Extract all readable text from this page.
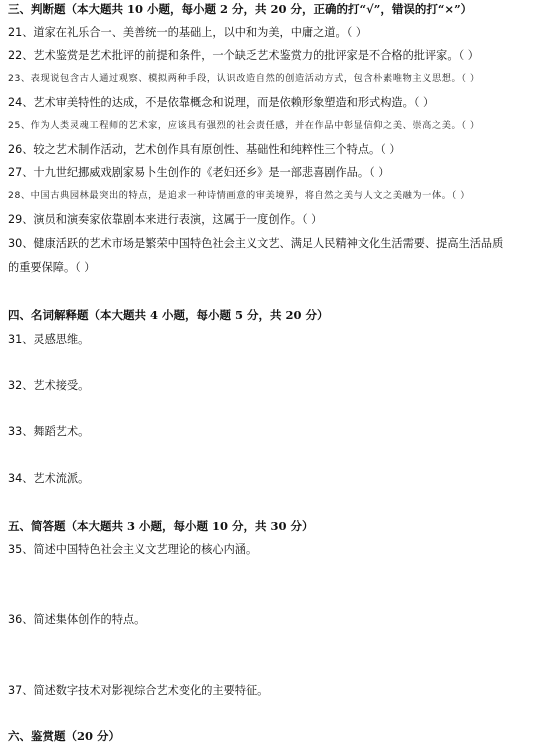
三、判断题（本大题共 10 小题，每小题 2 分，共 20 分，正确的打“√”，错误的打“×”）
21、道家在礼乐合一、美善统一的基础上，以中和为美，中庸之道。（ ）
22、艺术鉴赏是艺术批评的前提和条件，一个缺乏艺术鉴赏力的批评家是不合格的批评家。（ ）
23、表现说包含古人通过观察、模拟两种手段，认识改造自然的创造活动方式，包含朴素唯物主义思想。（ ）
24、艺术审美特性的达成，不是依靠概念和说理，而是依赖形象塑造和形式构造。（ ）
25、作为人类灵魂工程师的艺术家，应该具有强烈的社会责任感，并在作品中彰显信仰之美、崇高之美。（ ）
26、较之艺术制作活动，艺术创作具有原创性、基础性和纯粹性三个特点。（ ）
27、十九世纪挪威戏剧家易卜生创作的《老妇还乡》是一部悲喜剧作品。（ ）
28、中国古典园林最突出的特点，是追求一种诗情画意的审美境界，将自然之美与人文之美融为一体。（ ）
29、演员和演奏家依靠剧本来进行表演，这属于一度创作。（ ）
30、健康活跃的艺术市场是繁荣中国特色社会主义文艺、满足人民精神文化生活需要、提高生活品质
的重要保障。（ ）
四、名词解释题（本大题共 4 小题，每小题 5 分，共 20 分）
31、灵感思维。
32、艺术接受。
33、舞蹈艺术。
34、艺术流派。
五、简答题（本大题共 3 小题，每小题 10 分，共 30 分）
35、简述中国特色社会主义文艺理论的核心内涵。
36、简述集体创作的特点。
37、简述数字技术对影视综合艺术变化的主要特征。
六、鉴赏题（20 分）
